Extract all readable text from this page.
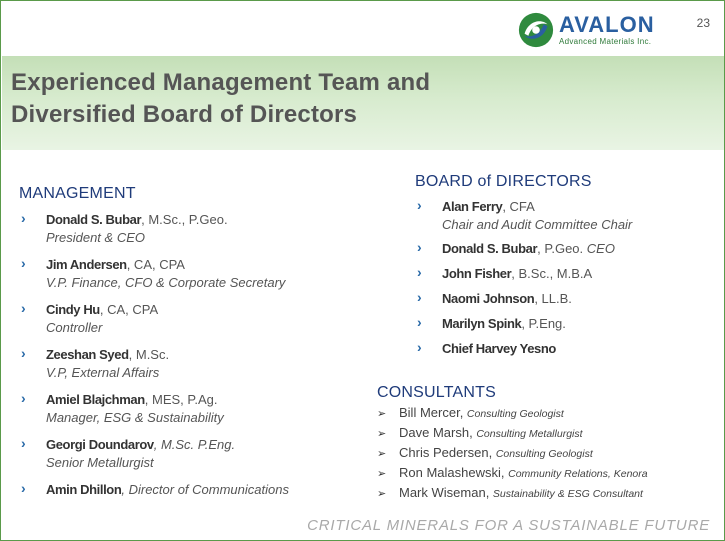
23
AVALON
Advanced Materials Inc.
Experienced Management Team and
Diversified Board of Directors
MANAGEMENT
› Donald S. Bubar, M.Sc., P.Geo.
President & CEO
› Jim Andersen, CA, CPA
V.P. Finance, CFO & Corporate Secretary
› Cindy Hu, CA, CPA
Controller
› Zeeshan Syed, M.Sc.
V.P, External Affairs
› Amiel Blajchman, MES, P.Ag.
Manager, ESG & Sustainability
› Georgi Doundarov, M.Sc. P.Eng.
Senior Metallurgist
› Amin Dhillon, Director of Communications
BOARD of DIRECTORS
› Alan Ferry, CFA
Chair and Audit Committee Chair
› Donald S. Bubar, P.Geo. CEO
› John Fisher, B.Sc., M.B.A
› Naomi Johnson, LL.B.
› Marilyn Spink, P.Eng.
› Chief Harvey Yesno
CONSULTANTS
➢ Bill Mercer, Consulting Geologist
➢ Dave Marsh, Consulting Metallurgist
➢ Chris Pedersen, Consulting Geologist
➢ Ron Malashewski, Community Relations, Kenora
➢ Mark Wiseman, Sustainability & ESG Consultant
CRITICAL MINERALS FOR A SUSTAINABLE FUTURE
